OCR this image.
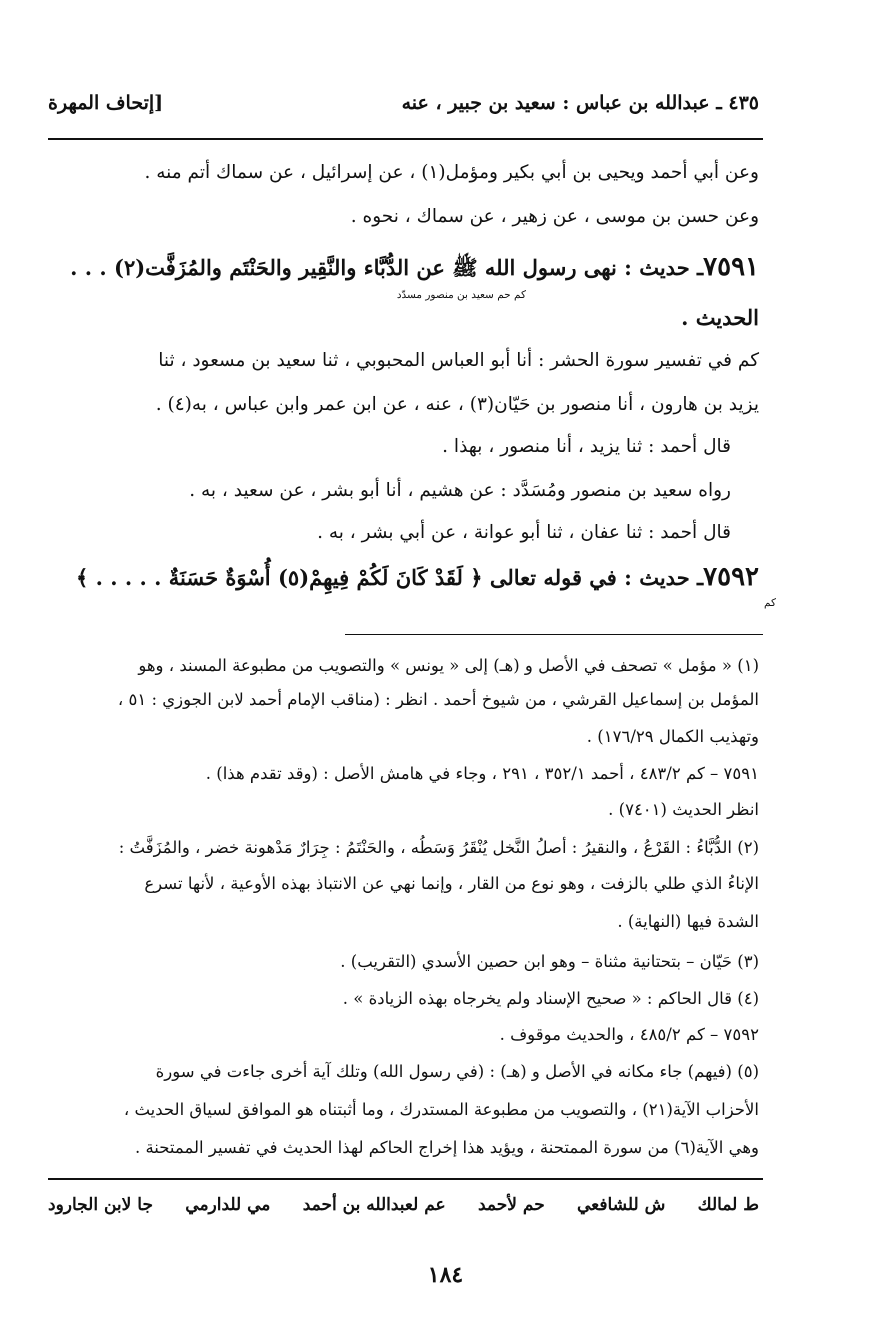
٤٣٥ ـ عبدالله بن عباس : سعيد بن جبير ، عنه
[إتحاف المهرة
وعن أبي أحمد ويحيى بن أبي بكير ومؤمل(١) ، عن إسرائيل ، عن سماك أتم منه .
وعن حسن بن موسى ، عن زهير ، عن سماك ، نحوه .
٧٥٩١ـ حديث : نهى رسول الله ﷺ عن الدُّبَّاء والنَّقِير والحَنْتَم والمُزَفَّت(٢) . . .
كم حم سعيد بن منصور مسدّد
الحديث .
كم في تفسير سورة الحشر : أنا أبو العباس المحبوبي ، ثنا سعيد بن مسعود ، ثنا
يزيد بن هارون ، أنا منصور بن حَيّان(٣) ، عنه ، عن ابن عمر وابن عباس ، به(٤) .
قال أحمد : ثنا يزيد ، أنا منصور ، بهذا .
رواه سعيد بن منصور ومُسَدَّد : عن هشيم ، أنا أبو بشر ، عن سعيد ، به .
قال أحمد : ثنا عفان ، ثنا أبو عوانة ، عن أبي بشر ، به .
٧٥٩٢ـ حديث : في قوله تعالى ﴿ لَقَدْ كَانَ لَكُمْ فِيهِمْ(٥) أُسْوَةٌ حَسَنَةٌ . . . . . ﴾
كم
(١) « مؤمل » تصحف في الأصل و (هـ) إلى « يونس » والتصويب من مطبوعة المسند ، وهو
المؤمل بن إسماعيل القرشي ، من شيوخ أحمد . انظر : (مناقب الإمام أحمد لابن الجوزي : ٥١ ،
وتهذيب الكمال ١٧٦/٢٩) .
٧٥٩١ – كم ٤٨٣/٢ ، أحمد ٣٥٢/١ ، ٢٩١ ، وجاء في هامش الأصل : (وقد تقدم هذا) .
انظر الحديث (٧٤٠١) .
(٢) الدُّبَّاءُ : القَرْعُ ، والنقيرُ : أصلُ النَّخل يُنْقَرُ وَسَطُه ، والحَنْتَمُ : جِرَارٌ مَدْهونة خضر ، والمُزَفَّتُ :
الإناءُ الذي طلي بالزفت ، وهو نوع من القار ، وإنما نهي عن الانتباذ بهذه الأوعية ، لأنها تسرع
الشدة فيها (النهاية) .
(٣) حَيّان – بتحتانية مثناة – وهو ابن حصين الأسدي (التقريب) .
(٤) قال الحاكم : « صحيح الإسناد ولم يخرجاه بهذه الزيادة » .
٧٥٩٢ – كم ٤٨٥/٢ ، والحديث موقوف .
(٥) (فيهم) جاء مكانه في الأصل و (هـ) : (في رسول الله) وتلك آية أخرى جاءت في سورة
الأحزاب الآية(٢١) ، والتصويب من مطبوعة المستدرك ، وما أثبتناه هو الموافق لسياق الحديث ،
وهي الآية(٦) من سورة الممتحنة ، ويؤيد هذا إخراج الحاكم لهذا الحديث في تفسير الممتحنة .
ط لمالك
ش للشافعي
حم لأحمد
عم لعبدالله بن أحمد
مي للدارمي
جا لابن الجارود
١٨٤
